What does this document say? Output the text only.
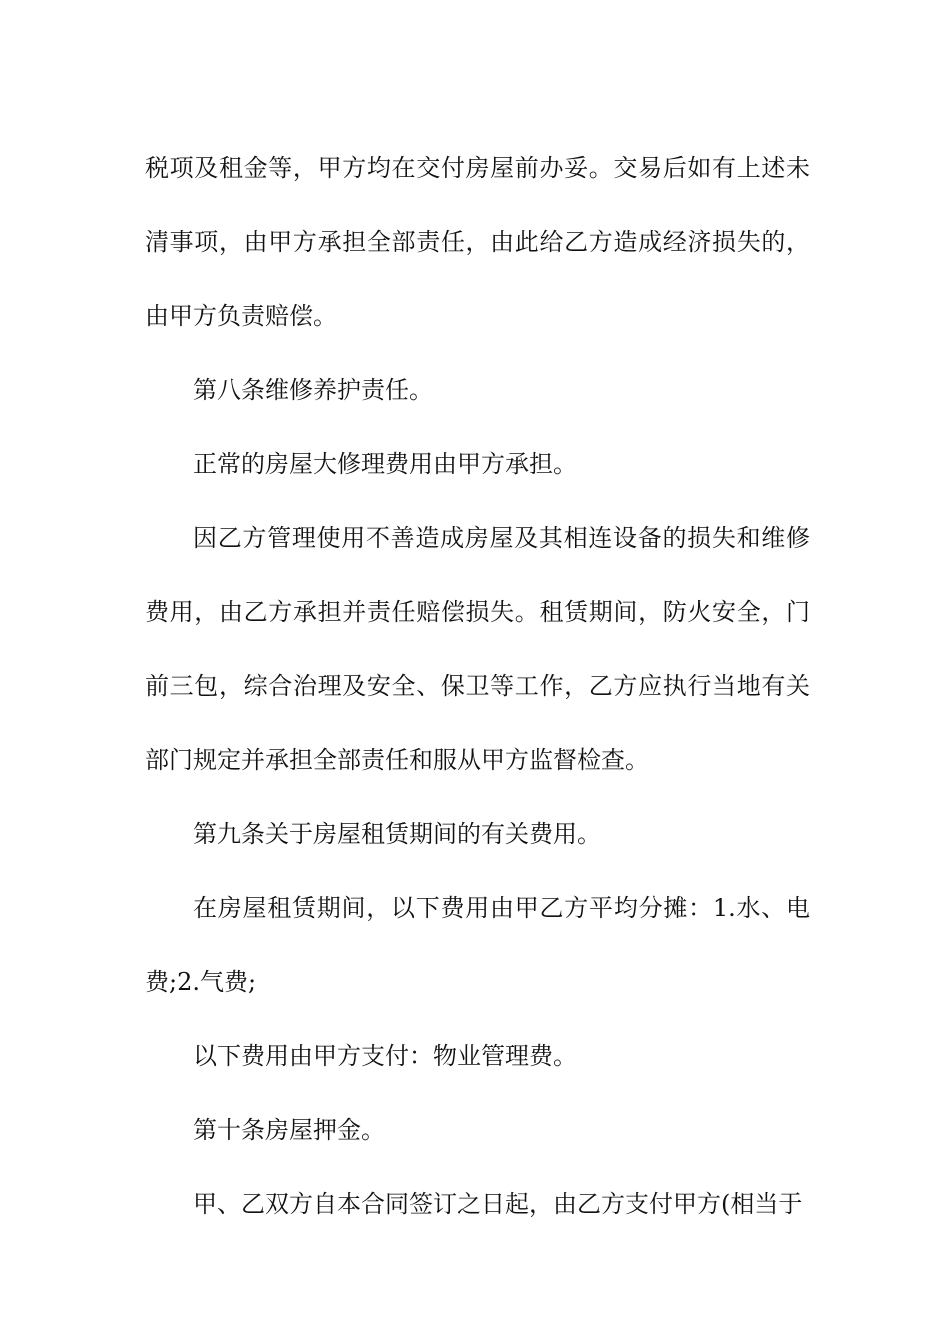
税项及租金等，甲方均在交付房屋前办妥。交易后如有上述未清事项，由甲方承担全部责任，由此给乙方造成经济损失的，由甲方负责赔偿。

第八条维修养护责任。

正常的房屋大修理费用由甲方承担。

因乙方管理使用不善造成房屋及其相连设备的损失和维修费用，由乙方承担并责任赔偿损失。租赁期间，防火安全，门前三包，综合治理及安全、保卫等工作，乙方应执行当地有关部门规定并承担全部责任和服从甲方监督检查。

第九条关于房屋租赁期间的有关费用。

在房屋租赁期间，以下费用由甲乙方平均分摊：1.水、电费;2.气费;

以下费用由甲方支付：物业管理费。

第十条房屋押金。

甲、乙双方自本合同签订之日起，由乙方支付甲方(相当于
